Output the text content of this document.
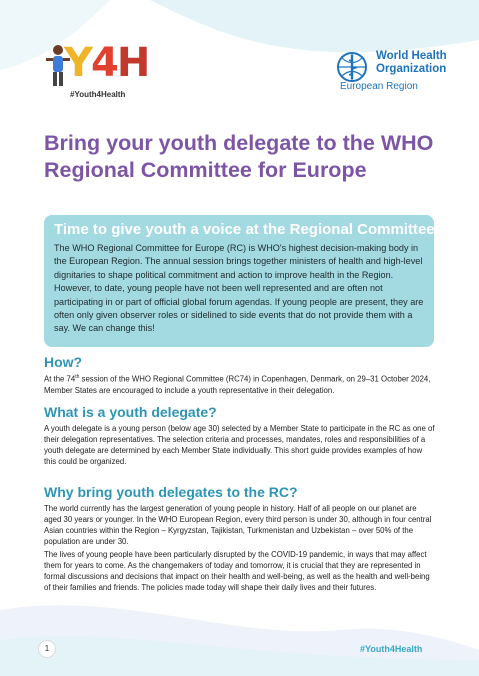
Y4H
#Youth4Health
World Health
Organization
European Region
Bring your youth delegate to the WHO
Regional Committee for Europe
Time to give youth a voice at the Regional Committee!

The WHO Regional Committee for Europe (RC) is WHO's highest decision-making body in the European Region. The annual session brings together ministers of health and high-level dignitaries to shape political commitment and action to improve health in the Region. However, to date, young people have not been well represented and are often not participating in or part of official global forum agendas. If young people are present, they are often only given observer roles or sidelined to side events that do not provide them with a say. We can change this!

How?

At the 74th session of the WHO Regional Committee (RC74) in Copenhagen, Denmark, on 29–31 October 2024, Member States are encouraged to include a youth representative in their delegation.

What is a youth delegate?

A youth delegate is a young person (below age 30) selected by a Member State to participate in the RC as one of their delegation representatives. The selection criteria and processes, mandates, roles and responsibilities of a youth delegate are determined by each Member State individually. This short guide provides examples of how this could be organized.

Why bring youth delegates to the RC?

The world currently has the largest generation of young people in history. Half of all people on our planet are aged 30 years or younger. In the WHO European Region, every third person is under 30, although in four central Asian countries within the Region – Kyrgyzstan, Tajikistan, Turkmenistan and Uzbekistan – over 50% of the population are under 30.

The lives of young people have been particularly disrupted by the COVID-19 pandemic, in ways that may affect them for years to come. As the changemakers of today and tomorrow, it is crucial that they are represented in formal discussions and decisions that impact on their health and well-being, as well as the health and well-being of their families and friends. The policies made today will shape their daily lives and their futures.

1	#Youth4Health
